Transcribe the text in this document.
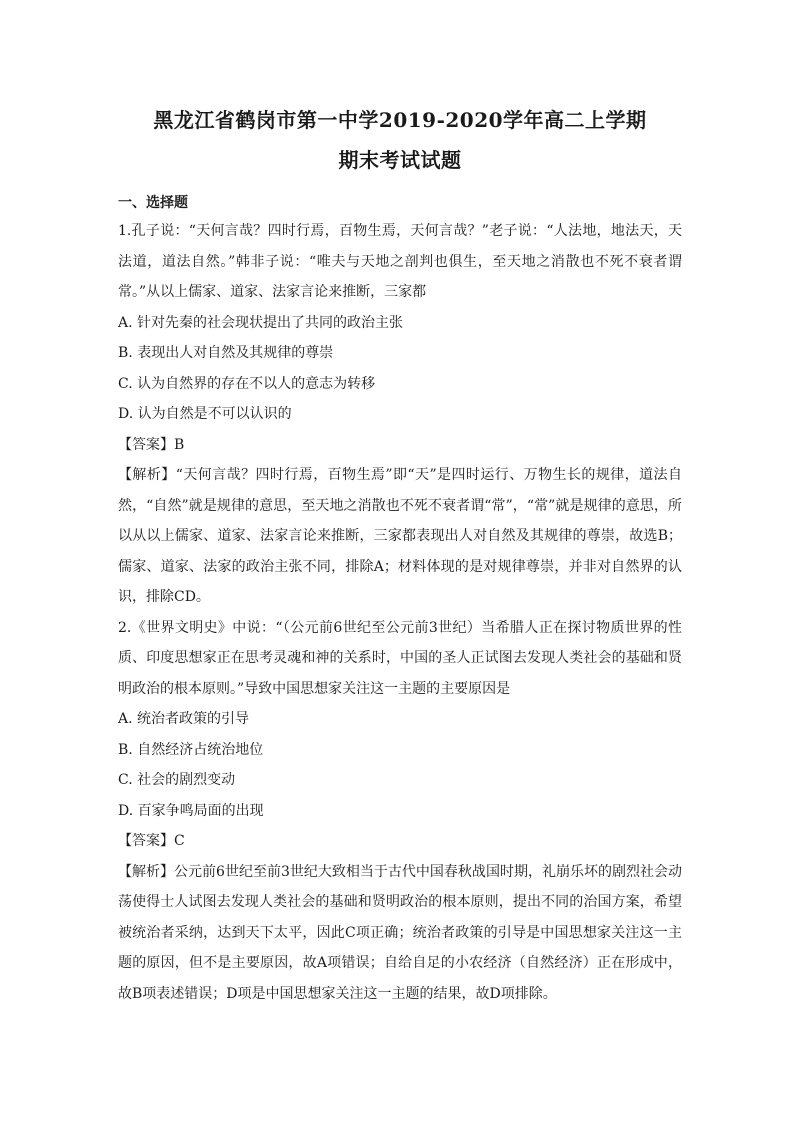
黑龙江省鹤岗市第一中学2019-2020学年高二上学期
期末考试试题

一、选择题

1.孔子说：“天何言哉？四时行焉，百物生焉，天何言哉？”老子说：“人法地，地法天，天法道，道法自然。”韩非子说：“唯夫与天地之剖判也俱生，至天地之消散也不死不衰者谓常。”从以上儒家、道家、法家言论来推断，三家都

A. 针对先秦的社会现状提出了共同的政治主张

B. 表现出人对自然及其规律的尊崇

C. 认为自然界的存在不以人的意志为转移

D. 认为自然是不可以认识的

【答案】B

【解析】“天何言哉？四时行焉，百物生焉”即“天”是四时运行、万物生长的规律，道法自然，“自然”就是规律的意思，至天地之消散也不死不衰者谓“常”，“常”就是规律的意思，所以从以上儒家、道家、法家言论来推断，三家都表现出人对自然及其规律的尊崇，故选B；儒家、道家、法家的政治主张不同，排除A；材料体现的是对规律尊崇，并非对自然界的认识，排除CD。

2.《世界文明史》中说：“（公元前6世纪至公元前3世纪）当希腊人正在探讨物质世界的性质、印度思想家正在思考灵魂和神的关系时，中国的圣人正试图去发现人类社会的基础和贤明政治的根本原则。”导致中国思想家关注这一主题的主要原因是

A. 统治者政策的引导

B. 自然经济占统治地位

C. 社会的剧烈变动

D. 百家争鸣局面的出现

【答案】C

【解析】公元前6世纪至前3世纪大致相当于古代中国春秋战国时期，礼崩乐坏的剧烈社会动荡使得士人试图去发现人类社会的基础和贤明政治的根本原则，提出不同的治国方案，希望被统治者采纳，达到天下太平，因此C项正确；统治者政策的引导是中国思想家关注这一主题的原因，但不是主要原因，故A项错误；自给自足的小农经济（自然经济）正在形成中，故B项表述错误；D项是中国思想家关注这一主题的结果，故D项排除。
